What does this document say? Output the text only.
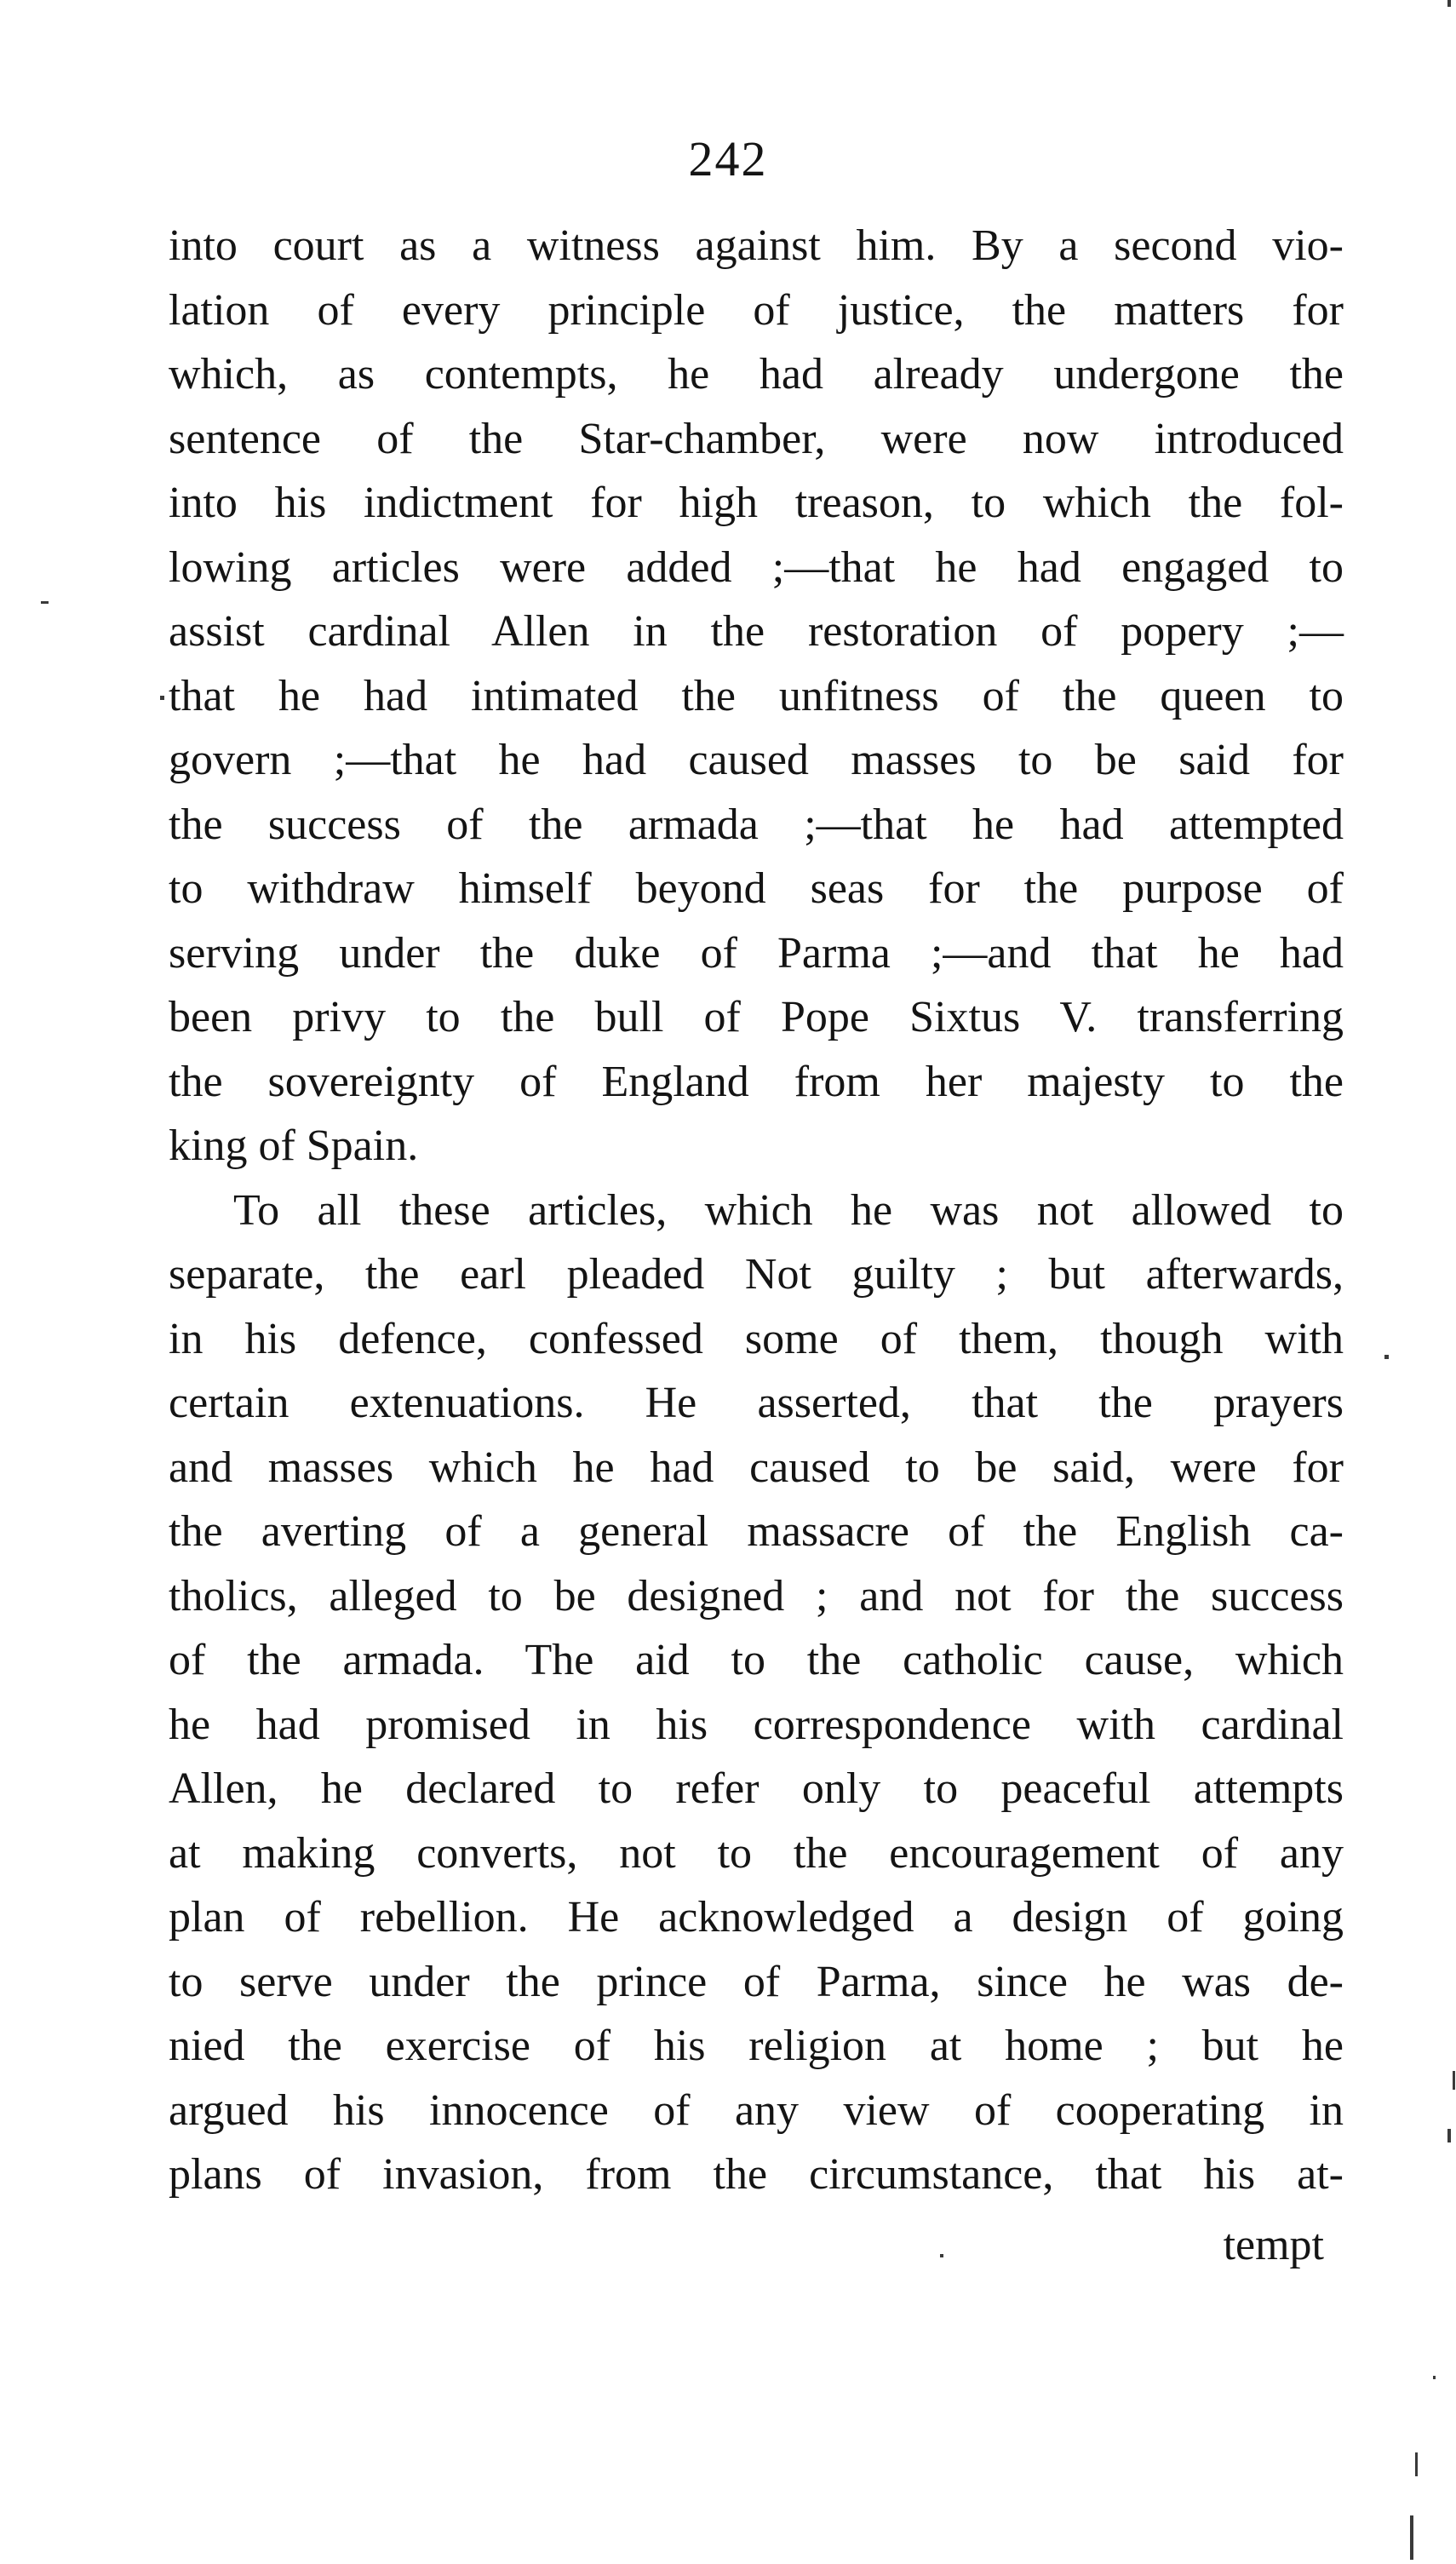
242
into court as a witness against him. By a second vio-
lation of every principle of justice, the matters for
which, as contempts, he had already undergone the
sentence of the Star-chamber, were now introduced
into his indictment for high treason, to which the fol-
lowing articles were added ;—that he had engaged to
assist cardinal Allen in the restoration of popery ;—
that he had intimated the unfitness of the queen to
govern ;—that he had caused masses to be said for
the success of the armada ;—that he had attempted
to withdraw himself beyond seas for the purpose of
serving under the duke of Parma ;—and that he had
been privy to the bull of Pope Sixtus V. transferring
the sovereignty of England from her majesty to the
king of Spain.
To all these articles, which he was not allowed to
separate, the earl pleaded Not guilty ; but afterwards,
in his defence, confessed some of them, though with
certain extenuations. He asserted, that the prayers
and masses which he had caused to be said, were for
the averting of a general massacre of the English ca-
tholics, alleged to be designed ; and not for the success
of the armada. The aid to the catholic cause, which
he had promised in his correspondence with cardinal
Allen, he declared to refer only to peaceful attempts
at making converts, not to the encouragement of any
plan of rebellion. He acknowledged a design of going
to serve under the prince of Parma, since he was de-
nied the exercise of his religion at home ; but he
argued his innocence of any view of cooperating in
plans of invasion, from the circumstance, that his at-
tempt
